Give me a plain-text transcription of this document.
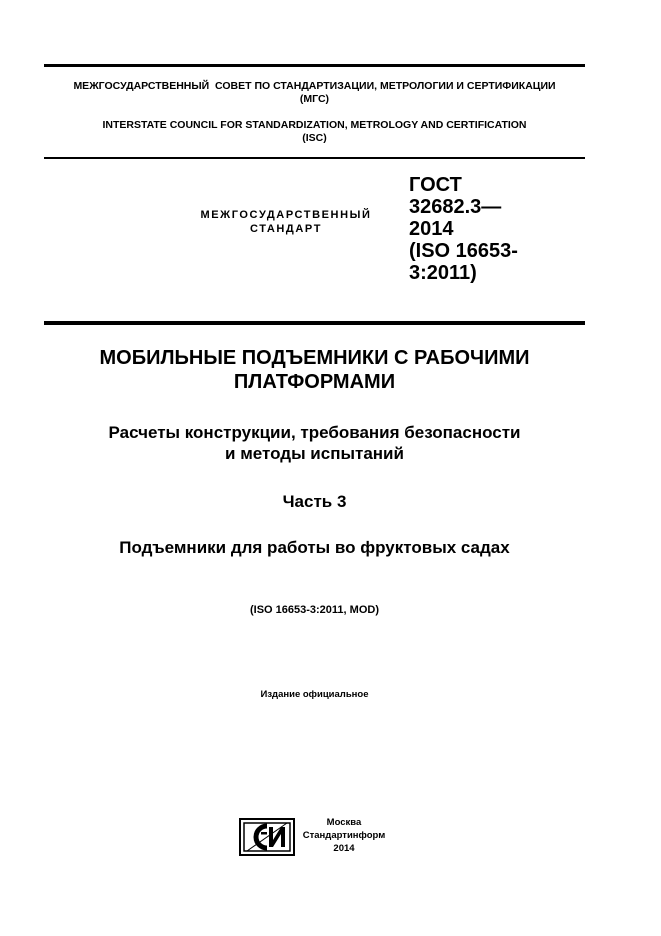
МЕЖГОСУДАРСТВЕННЫЙ  СОВЕТ ПО СТАНДАРТИЗАЦИИ, МЕТРОЛОГИИ И СЕРТИФИКАЦИИ
(МГС)
INTERSTATE COUNCIL FOR STANDARDIZATION, METROLOGY AND CERTIFICATION
(ISC)
МЕЖГОСУДАРСТВЕННЫЙ
СТАНДАРТ
ГОСТ
32682.3—
2014
(ISO 16653-
3:2011)
МОБИЛЬНЫЕ ПОДЪЕМНИКИ С РАБОЧИМИ
ПЛАТФОРМАМИ
Расчеты конструкции, требования безопасности
и методы испытаний
Часть 3
Подъемники для работы во фруктовых садах
(ISO 16653-3:2011, MOD)
Издание официальное
Москва
Стандартинформ
2014
